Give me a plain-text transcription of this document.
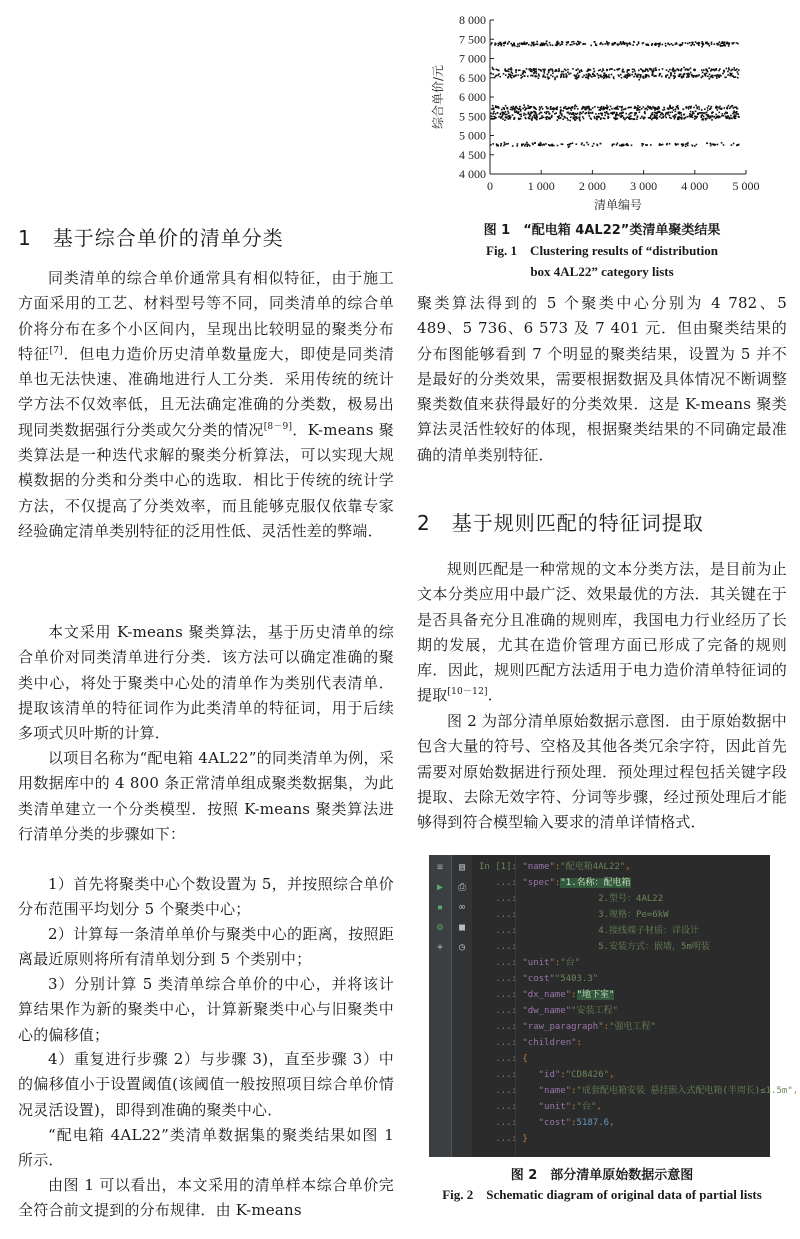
4 000
4 500
5 000
5 500
6 000
6 500
7 000
7 500
8 000
0	1 000 2 000 3 000 4 000 5 000
清单编号
综合单价/元
图 1　“配电箱 4AL22”类清单聚类结果
Fig. 1　Clustering results of “distribution
box 4AL22” category lists
1　基于综合单价的清单分类

同类清单的综合单价通常具有相似特征，由于施工方面采用的工艺、材料型号等不同，同类清单的综合单价将分布在多个小区间内，呈现出比较明显的聚类分布特征[7]．但电力造价历史清单数量庞大，即使是同类清单也无法快速、准确地进行人工分类．采用传统的统计学方法不仅效率低，且无法确定准确的分类数，极易出现同类数据强行分类或欠分类的情况[8－9]．K-means 聚类算法是一种迭代求解的聚类分析算法，可以实现大规模数据的分类和分类中心的选取．相比于传统的统计学方法，不仅提高了分类效率，而且能够克服仅依靠专家经验确定清单类别特征的泛用性低、灵活性差的弊端．

本文采用 K-means 聚类算法，基于历史清单的综合单价对同类清单进行分类．该方法可以确定准确的聚类中心，将处于聚类中心处的清单作为类别代表清单．提取该清单的特征词作为此类清单的特征词，用于后续多项式贝叶斯的计算．

以项目名称为“配电箱 4AL22”的同类清单为例，采用数据库中的 4 800 条正常清单组成聚类数据集，为此类清单建立一个分类模型．按照 K-means 聚类算法进行清单分类的步骤如下：

1）首先将聚类中心个数设置为 5，并按照综合单价分布范围平均划分 5 个聚类中心；

2）计算每一条清单单价与聚类中心的距离，按照距离最近原则将所有清单划分到 5 个类别中；

3）分别计算 5 类清单综合单价的中心，并将该计算结果作为新的聚类中心，计算新聚类中心与旧聚类中心的偏移值；

4）重复进行步骤 2）与步骤 3)，直至步骤 3）中的偏移值小于设置阈值(该阈值一般按照项目综合单价情况灵活设置)，即得到准确的聚类中心．

“配电箱 4AL22”类清单数据集的聚类结果如图 1 所示．

由图 1 可以看出，本文采用的清单样本综合单价完全符合前文提到的分布规律．由 K-means

聚类算法得到的 5 个聚类中心分别为 4 782、5 489、5 736、6 573 及 7 401 元．但由聚类结果的分布图能够看到 7 个明显的聚类结果，设置为 5 并不是最好的分类效果，需要根据数据及具体情况不断调整聚类数值来获得最好的分类效果．这是 K-means 聚类算法灵活性较好的体现，根据聚类结果的不同确定最准确的清单类别特征．

2　基于规则匹配的特征词提取

规则匹配是一种常规的文本分类方法，是目前为止文本分类应用中最广泛、效果最优的方法．其关键在于是否具备充分且准确的规则库，我国电力行业经历了长期的发展，尤其在造价管理方面已形成了完备的规则库．因此，规则匹配方法适用于电力造价清单特征词的提取[10－12]．

图 2 为部分清单原始数据示意图．由于原始数据中包含大量的符号、空格及其他各类冗余字符，因此首先需要对原始数据进行预处理．预处理过程包括关键字段提取、去除无效字符、分词等步骤，经过预处理后才能够得到符合模型输入要求的清单详情格式．

≡
▶
▪
⚙
+
▤
⎙
∞
■
◷
In [1]: "name":"配电箱4AL22",
...: "spec":"1.名称：配电箱
...:               2.型号：4AL22
...:               3.规格：Pe=6kW
...:               4.接线端子材质：详设计
...:               5.安装方式：嵌墙，5m明装
...: "unit":"台"
...: "cost""5403.3"
...: "dx_name":"地下室"
...: "dw_name""安装工程"
...: "raw_paragraph":"强电工程"
...: "children":
...: {
...:    "id":"CD8426",
...:    "name":"成套配电箱安装 悬挂嵌入式配电箱(半周长)≤1.5m",
...:    "unit":"台",
...:    "cost":5187.6,
...: }
图 2　部分清单原始数据示意图
Fig. 2　Schematic diagram of original data of partial lists
